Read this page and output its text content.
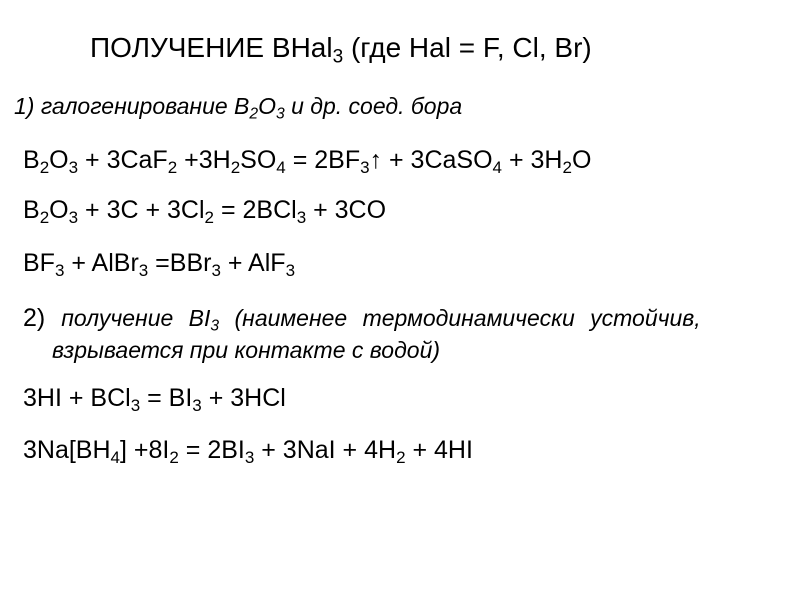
ПОЛУЧЕНИЕ BHal$_3$ (где Hal = F, Cl, Br)
1) галогенирование $B_2O_3$ и др. соед. бора
$B_2O_3 + 3CaF_2 +3H_2SO_4$ = $2BF_3↑$ + 3CaSO$_4$ + $3H_2O$
$B_2O_3 + 3C + 3Cl_2 = 2BCl_3 + 3CO$
$BF_3$ + AlBr$_3$ =BBr$_3$ + AlF$_3$
2) получение $BI_3$ (наименее термодинамически устойчив,
взрывается при контакте с водой)
$3HI + BCl_3 = BI_3 + 3HCl$
$3Na[BH_4] +8I_2 = 2BI_3 + 3NaI + 4H_2 + 4HI$
